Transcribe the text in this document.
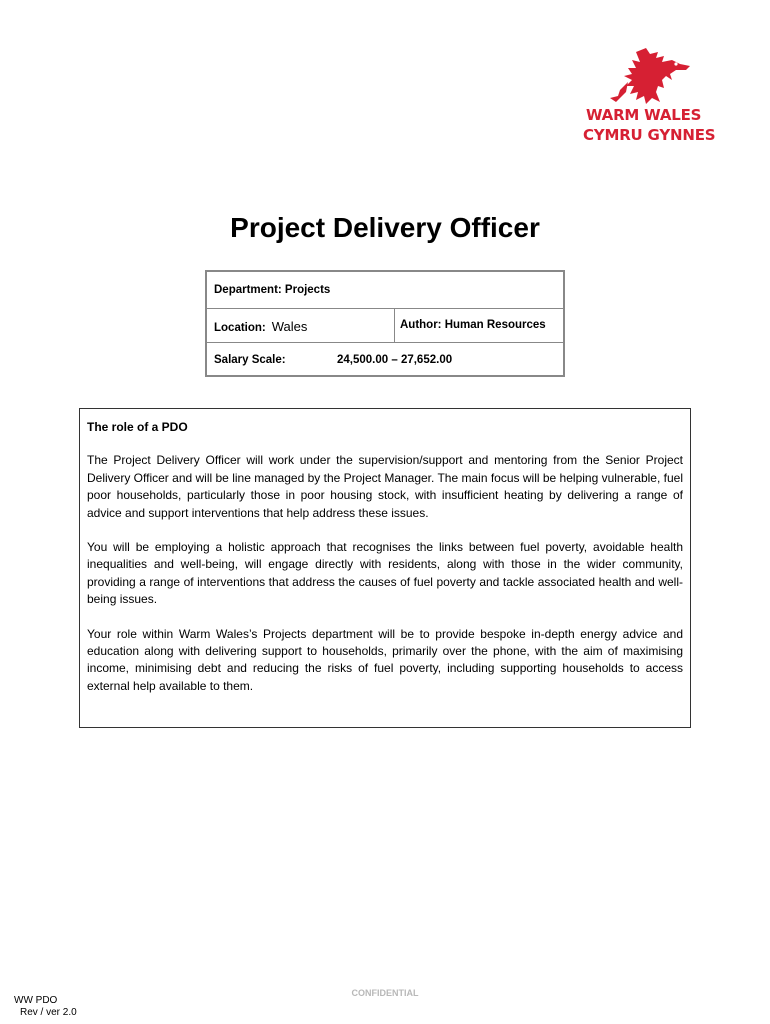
WARM WALES
CYMRU GYNNES
Project Delivery Officer
Department: Projects
Location: Wales	Author: Human Resources
Salary Scale:	24,500.00 – 27,652.00
The role of a PDO

The Project Delivery Officer will work under the supervision/support and mentoring from the Senior Project Delivery Officer and will be line managed by the Project Manager. The main focus will be helping vulnerable, fuel poor households, particularly those in poor housing stock, with insufficient heating by delivering a range of advice and support interventions that help address these issues.

You will be employing a holistic approach that recognises the links between fuel poverty, avoidable health inequalities and well-being, will engage directly with residents, along with those in the wider community, providing a range of interventions that address the causes of fuel poverty and tackle associated health and well-being issues.

Your role within Warm Wales’s Projects department will be to provide bespoke in-depth energy advice and education along with delivering support to households, primarily over the phone, with the aim of maximising income, minimising debt and reducing the risks of fuel poverty, including supporting households to access external help available to them.

CONFIDENTIAL
WW PDO
Rev / ver 2.0
